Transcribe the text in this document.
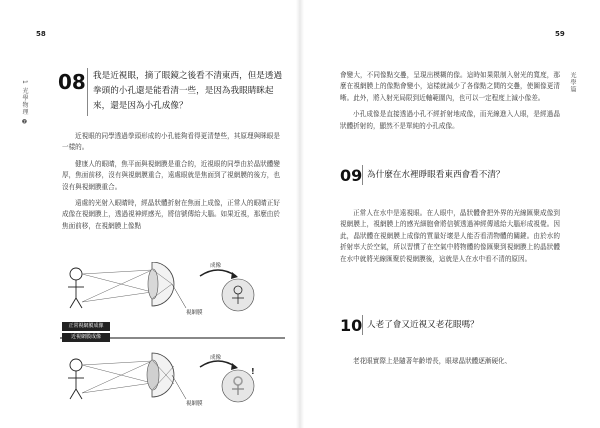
58
1 光學物理 ❷ 08 我是近視眼，摘了眼鏡之後看不清東西，但是透過拳頭的小孔還是能看清一些，是因為我眼睛眯起來，還是因為小孔成像？

近視眼的同學透過拳頭形成的小孔能夠看得更清楚些，其原理與眯眼是一樣的。

健康人的眼睛，焦平面與視網膜是重合的，近視眼的同學由於晶狀體變厚，焦面前移，沒有與視網膜重合，遠處眼就是焦面到了視網膜的後方，也沒有與視網膜重合。

遠處的光射入眼睛時，經晶狀體折射在焦面上成像，正常人的眼睛正好成像在視網膜上，透過視神經感光，將信號傳給大腦。如果近視，那麼由於焦面前移，在視網膜上像點

!
成像
視網膜
成像
視網膜
正常視網膜成像
近視網膜成像
59
光學篇

會變大，不同像點交疊，呈現出模糊的像。這時如果限制入射光的寬度，那麼在視網膜上的像點會變小，這樣就減少了各像點之間的交疊，使圖像更清晰。此外，將入射光局限到近軸範圍內，也可以一定程度上減小像差。

小孔成像是直接透過小孔不經折射地成像，而光線進入人眼，是經過晶狀體折射的，顯然不是單純的小孔成像。

09 為什麼在水裡睜眼看東西會看不清？

正常人在水中是遠視眼。在人眼中，晶狀體會把外界的光線匯聚成像到視網膜上，視網膜上的感光細胞會將信號透過神經傳遞給大腦形成視覺。因此，晶狀體在視網膜上成像的質量好壞是人能否看清物體的關鍵。由於水的折射率大於空氣，所以習慣了在空氣中將物體的像匯聚到視網膜上的晶狀體在水中就將光線匯聚於視網膜後，這就是人在水中看不清的原因。

10 人老了會又近視又老花眼嗎？

老花眼實際上是隨著年齡增長，眼球晶狀體逐漸硬化、
